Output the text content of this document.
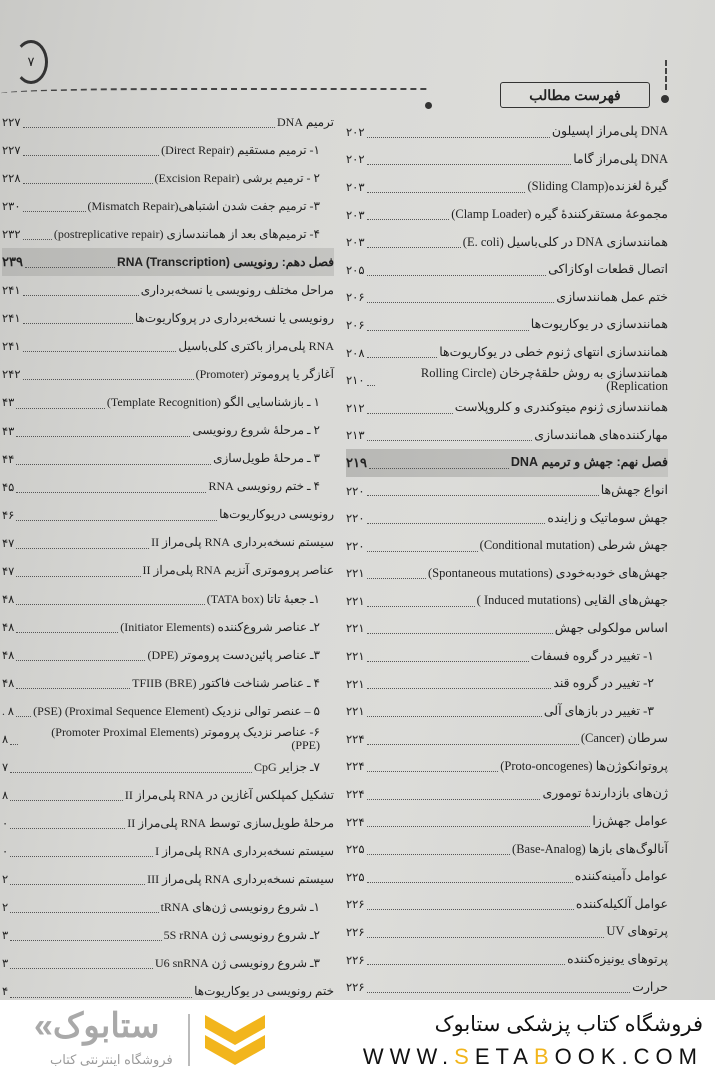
۷
فهرست مطالب
DNA پلی‌مراز اپسیلون
۲۰۲
DNA پلی‌مراز گاما
۲۰۲
گیرهٔ لغزنده(Sliding Clamp)
۲۰۳
مجموعهٔ مستقرکنندهٔ گیره (Clamp Loader)
۲۰۳
همانندسازی DNA در کلی‌باسیل (E. coli)
۲۰۳
اتصال قطعات اوکازاکی
۲۰۵
ختم عمل همانندسازی
۲۰۶
همانندسازی در یوکاریوت‌ها
۲۰۶
همانندسازی انتهای ژنوم خطی در یوکاریوت‌ها
۲۰۸
همانندسازی به روش حلقهٔ‌چرخان (Rolling Circle Replication)
۲۱۰
همانندسازی ژنوم میتوکندری و کلروپلاست
۲۱۲
مهارکننده‌های همانندسازی
۲۱۳
فصل نهم: جهش و ترمیم DNA
۲۱۹
انواع جهش‌ها
۲۲۰
جهش سوماتیک و زاینده
۲۲۰
جهش شرطی (Conditional mutation)
۲۲۰
جهش‌های خودبه‌خودی (Spontaneous mutations)
۲۲۱
جهش‌های القایی (Induced mutations )
۲۲۱
اساس مولکولی جهش
۲۲۱
۱- تغییر در گروه فسفات
۲۲۱
۲- تغییر در گروه قند
۲۲۱
۳- تغییر در بازهای آلی
۲۲۱
سرطان (Cancer)
۲۲۴
پروتوانکوژن‌ها (Proto-oncogenes)
۲۲۴
ژن‌های بازدارندهٔ توموری
۲۲۴
عوامل جهش‌زا
۲۲۴
آنالوگ‌های بازها (Base-Analog)
۲۲۵
عوامل دآمینه‌کننده
۲۲۵
عوامل آلکیله‌کننده
۲۲۶
پرتوهای UV
۲۲۶
پرتوهای یونیزه‌کننده
۲۲۶
حرارت
۲۲۶
ترمیم DNA
۲۲۷
۱- ترمیم مستقیم (Direct Repair)
۲۲۷
۲ - ترمیم برشی (Excision Repair)
۲۲۸
۳- ترمیم جفت شدن اشتباهی(Mismatch Repair)
۲۳۰
۴- ترمیم‌های بعد از همانندسازی (postreplicative repair)
۲۳۲
فصل دهم: رونویسی RNA (Transcription)
۲۳۹
مراحل مختلف رونویسی یا نسخه‌برداری
۲۴۱
رونویسی یا نسخه‌برداری در پروکاریوت‌ها
۲۴۱
RNA پلی‌مراز باکتری کلی‌باسیل
۲۴۱
آغازگر یا پروموتر (Promoter)
۲۴۲
۱ ـ بازشناسایی الگو (Template Recognition)
۴۳
۲ ـ مرحلهٔ شروع رونویسی
۴۳
۳ ـ مرحلهٔ طویل‌سازی
۴۴
۴ ـ ختم رونویسی RNA
۴۵
رونویسی دریوکاریوت‌ها
۴۶
سیستم نسخه‌برداری RNA پلی‌مراز II
۴۷
عناصر پروموتری آنزیم RNA پلی‌مراز II
۴۷
۱ـ جعبهٔ تاتا (TATA box)
۴۸
۲ـ عناصر شروع‌کننده (Initiator Elements)
۴۸
۳ـ عناصر پائین‌دست پروموتر (DPE)
۴۸
۴ ـ عناصر شناخت فاکتور TFIIB (BRE)
۴۸
۵ – عنصر توالی نزدیک (Proximal Sequence Element) (PSE)
۸ .
۶- عناصر نزدیک پروموتر (Promoter Proximal Elements) (PPE)
۸
۷ـ جزایر CpG
۷
تشکیل کمپلکس آغازین در RNA پلی‌مراز II
۸
مرحلهٔ طویل‌سازی توسط RNA پلی‌مراز II
۰
سیستم نسخه‌برداری RNA پلی‌مراز I
۰
سیستم نسخه‌برداری RNA پلی‌مراز III
۲
۱ـ شروع رونویسی ژن‌های tRNA
۲
۲ـ شروع رونویسی ژن 5S rRNA
۳
۳ـ شروع رونویسی ژن U6 snRNA
۳
ختم رونویسی در یوکاریوت‌ها
۴
«ستابوک
فروشگاه اینترنتی کتاب
فروشگاه کتاب پزشکی ستابوک
WWW.SETABOOK.COM
